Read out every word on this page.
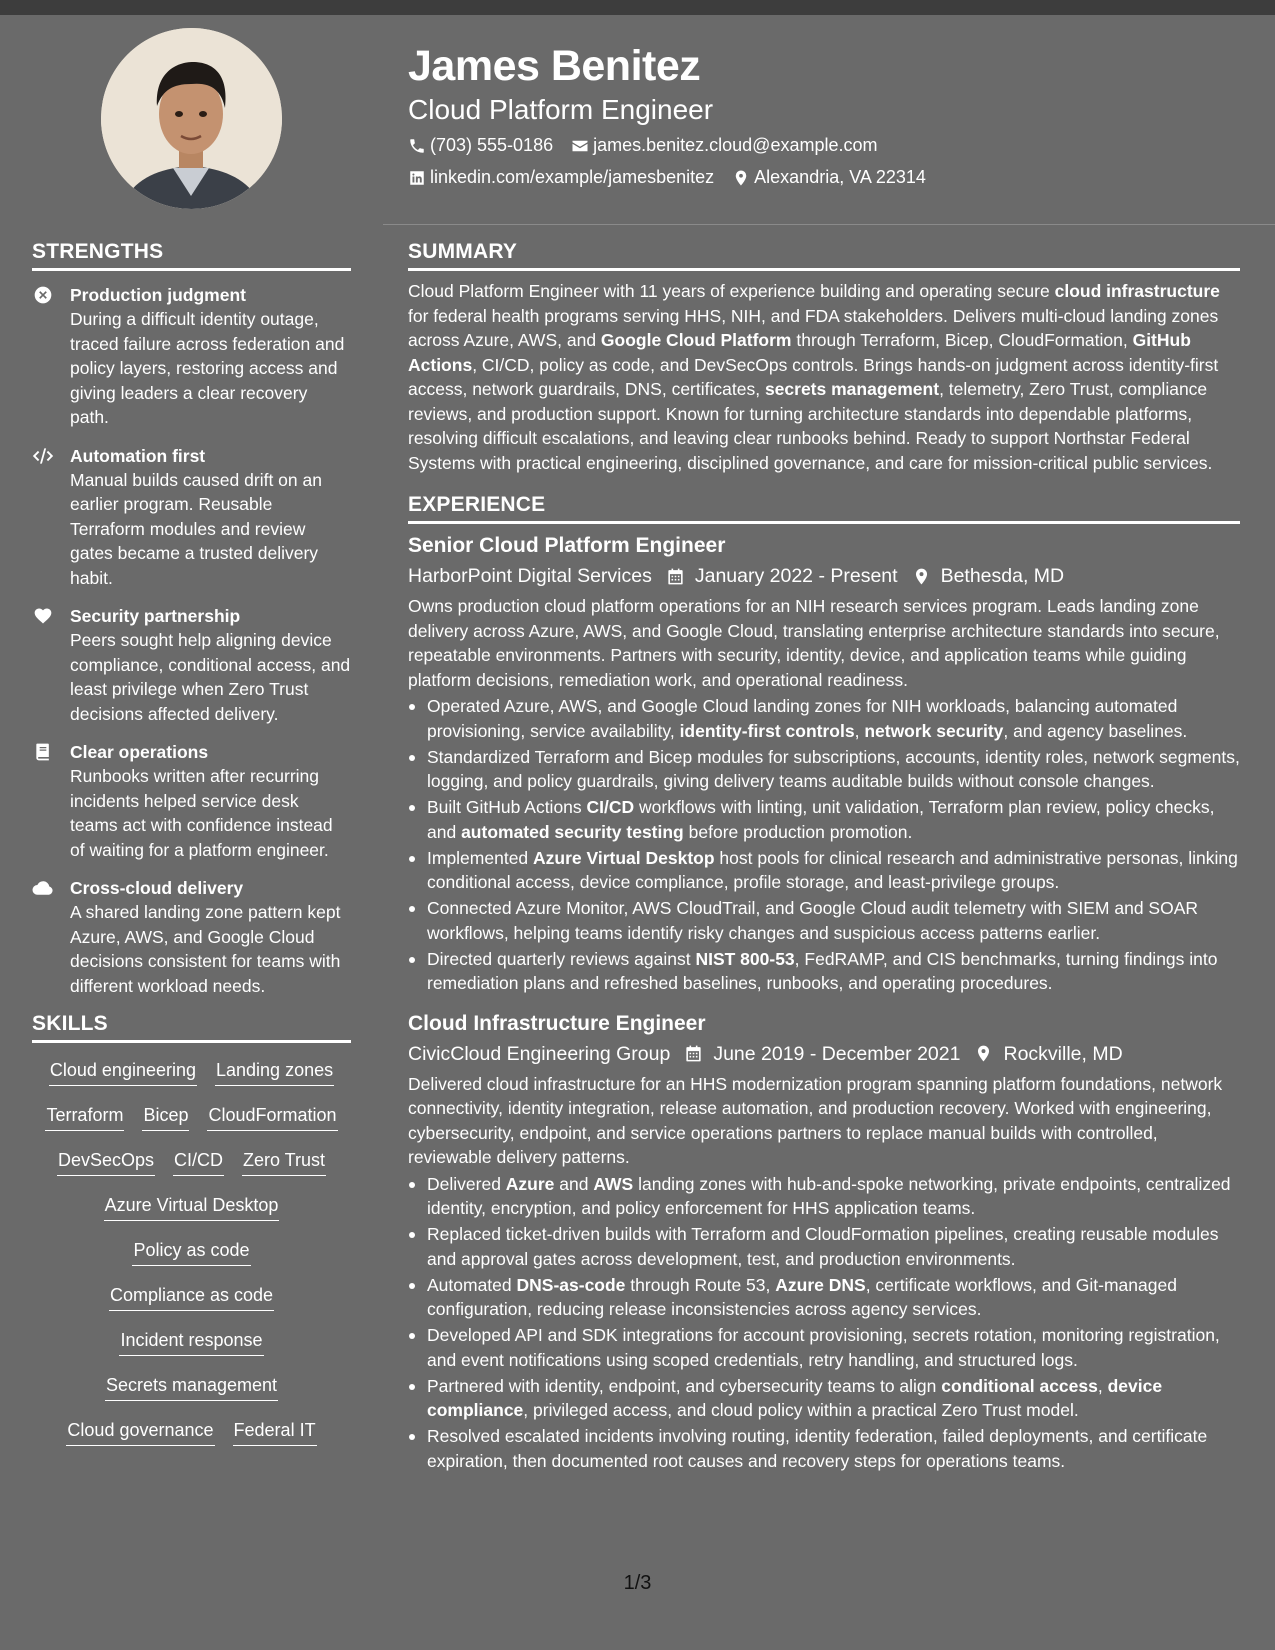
James Benitez
Cloud Platform Engineer
(703) 555-0186 james.benitez.cloud@example.com
linkedin.com/example/jamesbenitez Alexandria, VA 22314
STRENGTHS
Production judgment
During a difficult identity outage, traced failure across federation and policy layers, restoring access and giving leaders a clear recovery path.
Automation first
Manual builds caused drift on an earlier program. Reusable Terraform modules and review gates became a trusted delivery habit.
Security partnership
Peers sought help aligning device compliance, conditional access, and least privilege when Zero Trust decisions affected delivery.
Clear operations
Runbooks written after recurring incidents helped service desk teams act with confidence instead of waiting for a platform engineer.
Cross-cloud delivery
A shared landing zone pattern kept Azure, AWS, and Google Cloud decisions consistent for teams with different workload needs.
SKILLS
Cloud engineering Landing zones
Terraform Bicep CloudFormation
DevSecOps CI/CD Zero Trust
Azure Virtual Desktop
Policy as code
Compliance as code
Incident response
Secrets management
Cloud governance Federal IT
SUMMARY
Cloud Platform Engineer with 11 years of experience building and operating secure cloud infrastructure for federal health programs serving HHS, NIH, and FDA stakeholders. Delivers multi-cloud landing zones across Azure, AWS, and Google Cloud Platform through Terraform, Bicep, CloudFormation, GitHub Actions, CI/CD, policy as code, and DevSecOps controls. Brings hands-on judgment across identity-first access, network guardrails, DNS, certificates, secrets management, telemetry, Zero Trust, compliance reviews, and production support. Known for turning architecture standards into dependable platforms, resolving difficult escalations, and leaving clear runbooks behind. Ready to support Northstar Federal Systems with practical engineering, disciplined governance, and care for mission-critical public services.
EXPERIENCE
Senior Cloud Platform Engineer
HarborPoint Digital Services January 2022 - Present Bethesda, MD
Owns production cloud platform operations for an NIH research services program. Leads landing zone delivery across Azure, AWS, and Google Cloud, translating enterprise architecture standards into secure, repeatable environments. Partners with security, identity, device, and application teams while guiding platform decisions, remediation work, and operational readiness.
Operated Azure, AWS, and Google Cloud landing zones for NIH workloads, balancing automated provisioning, service availability, identity-first controls, network security, and agency baselines.
Standardized Terraform and Bicep modules for subscriptions, accounts, identity roles, network segments, logging, and policy guardrails, giving delivery teams auditable builds without console changes.
Built GitHub Actions CI/CD workflows with linting, unit validation, Terraform plan review, policy checks, and automated security testing before production promotion.
Implemented Azure Virtual Desktop host pools for clinical research and administrative personas, linking conditional access, device compliance, profile storage, and least-privilege groups.
Connected Azure Monitor, AWS CloudTrail, and Google Cloud audit telemetry with SIEM and SOAR workflows, helping teams identify risky changes and suspicious access patterns earlier.
Directed quarterly reviews against NIST 800-53, FedRAMP, and CIS benchmarks, turning findings into remediation plans and refreshed baselines, runbooks, and operating procedures.
Cloud Infrastructure Engineer
CivicCloud Engineering Group June 2019 - December 2021 Rockville, MD
Delivered cloud infrastructure for an HHS modernization program spanning platform foundations, network connectivity, identity integration, release automation, and production recovery. Worked with engineering, cybersecurity, endpoint, and service operations partners to replace manual builds with controlled, reviewable delivery patterns.
Delivered Azure and AWS landing zones with hub-and-spoke networking, private endpoints, centralized identity, encryption, and policy enforcement for HHS application teams.
Replaced ticket-driven builds with Terraform and CloudFormation pipelines, creating reusable modules and approval gates across development, test, and production environments.
Automated DNS-as-code through Route 53, Azure DNS, certificate workflows, and Git-managed configuration, reducing release inconsistencies across agency services.
Developed API and SDK integrations for account provisioning, secrets rotation, monitoring registration, and event notifications using scoped credentials, retry handling, and structured logs.
Partnered with identity, endpoint, and cybersecurity teams to align conditional access, device compliance, privileged access, and cloud policy within a practical Zero Trust model.
Resolved escalated incidents involving routing, identity federation, failed deployments, and certificate expiration, then documented root causes and recovery steps for operations teams.
1/3
